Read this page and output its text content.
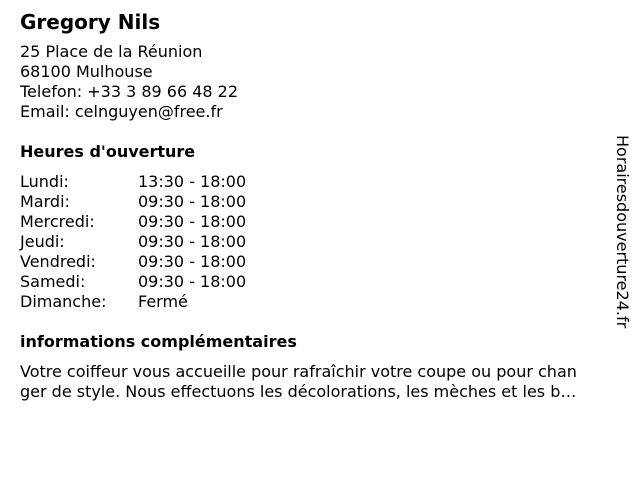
Gregory Nils
25 Place de la Réunion
68100 Mulhouse
Telefon: +33 3 89 66 48 22
Email: celnguyen@free.fr
Heures d'ouverture
Lundi:	13:30 - 18:00
Mardi:	09:30 - 18:00
Mercredi:	09:30 - 18:00
Jeudi:	09:30 - 18:00
Vendredi:	09:30 - 18:00
Samedi:	09:30 - 18:00
Dimanche:	Fermé
informations complémentaires
Votre coiffeur vous accueille pour rafraîchir votre coupe ou pour chan
ger de style. Nous effectuons les décolorations, les mèches et les b…
Horairesdouverture24.fr
